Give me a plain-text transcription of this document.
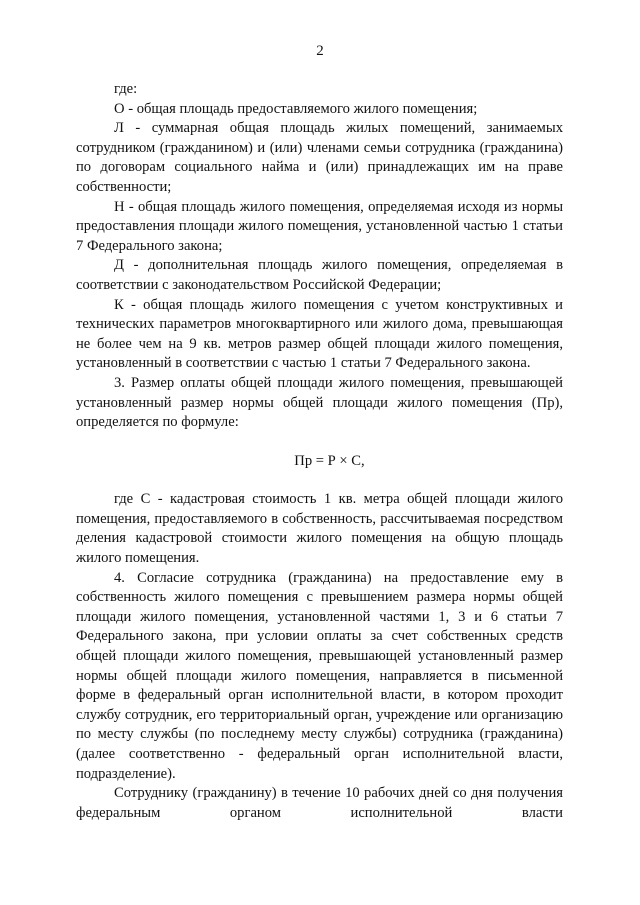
2

где:

О - общая площадь предоставляемого жилого помещения;

Л - суммарная общая площадь жилых помещений, занимаемых сотрудником (гражданином) и (или) членами семьи сотрудника (гражданина) по договорам социального найма и (или) принадлежащих им на праве собственности;

Н - общая площадь жилого помещения, определяемая исходя из нормы предоставления площади жилого помещения, установленной частью 1 статьи 7 Федерального закона;

Д - дополнительная площадь жилого помещения, определяемая в соответствии с законодательством Российской Федерации;

К - общая площадь жилого помещения с учетом конструктивных и технических параметров многоквартирного или жилого дома, превышающая не более чем на 9 кв. метров размер общей площади жилого помещения, установленный в соответствии с частью 1 статьи 7 Федерального закона.

3. Размер оплаты общей площади жилого помещения, превышающей установленный размер нормы общей площади жилого помещения (Пр), определяется по формуле:

Пр = Р × С,

где С - кадастровая стоимость 1 кв. метра общей площади жилого помещения, предоставляемого в собственность, рассчитываемая посредством деления кадастровой стоимости жилого помещения на общую площадь жилого помещения.

4. Согласие сотрудника (гражданина) на предоставление ему в собственность жилого помещения с превышением размера нормы общей площади жилого помещения, установленной частями 1, 3 и 6 статьи 7 Федерального закона, при условии оплаты за счет собственных средств общей площади жилого помещения, превышающей установленный размер нормы общей площади жилого помещения, направляется в письменной форме в федеральный орган исполнительной власти, в котором проходит службу сотрудник, его территориальный орган, учреждение или организацию по месту службы (по последнему месту службы) сотрудника (гражданина) (далее соответственно - федеральный орган исполнительной власти, подразделение).

Сотруднику (гражданину) в течение 10 рабочих дней со дня получения федеральным органом исполнительной власти
